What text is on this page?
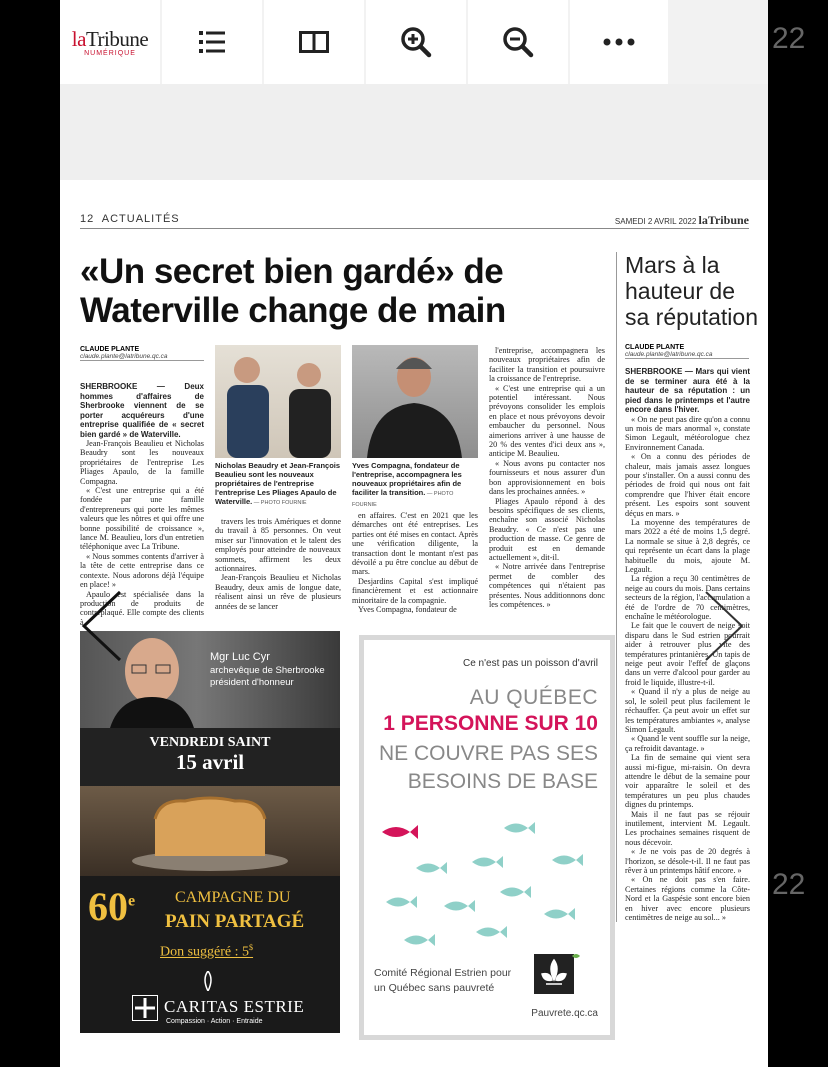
22
22
laTribune
NUMÉRIQUE
12 ACTUALITÉS	SAMEDI 2 AVRIL 2022 laTribune
«Un secret bien gardé» de
Waterville change de main
CLAUDE PLANTE
claude.plante@latribune.qc.ca

SHERBROOKE — Deux hommes d'affaires de Sherbrooke viennent de se porter acquéreurs d'une entreprise qualifiée de « secret bien gardé » de Waterville.

Jean-François Beaulieu et Nicholas Beaudry sont les nouveaux propriétaires de l'entreprise Les Pliages Apaulo, de la famille Compagna.

« C'est une entreprise qui a été fondée par une famille d'entrepreneurs qui porte les mêmes valeurs que les nôtres et qui offre une bonne possibilité de croissance », lance M. Beaulieu, lors d'un entretien téléphonique avec La Tribune.

« Nous sommes contents d'arriver à la tête de cette entreprise dans ce contexte. Nous adorons déjà l'équipe en place! »

Apaulo est spécialisée dans la production de produits de contreplaqué. Elle compte des clients à

Nicholas Beaudry et Jean-François Beaulieu sont les nouveaux propriétaires de l'entreprise l'entreprise Les Pliages Apaulo de Waterville. — PHOTO FOURNIE
Yves Compagna, fondateur de l'entreprise, accompagnera les nouveaux propriétaires afin de faciliter la transition. — PHOTO FOURNIE

travers les trois Amériques et donne du travail à 85 personnes. On veut miser sur l'innovation et le talent des employés pour atteindre de nouveaux sommets, affirment les deux actionnaires.

Jean-François Beaulieu et Nicholas Beaudry, deux amis de longue date, réalisent ainsi un rêve de plusieurs années de se lancer

en affaires. C'est en 2021 que les démarches ont été entreprises. Les parties ont été mises en contact. Après une vérification diligente, la transaction dont le montant n'est pas dévoilé a pu être conclue au début de mars.

Desjardins Capital s'est impliqué financièrement et est actionnaire minoritaire de la compagnie.

Yves Compagna, fondateur de

l'entreprise, accompagnera les nouveaux propriétaires afin de faciliter la transition et poursuivre la croissance de l'entreprise.

« C'est une entreprise qui a un potentiel intéressant. Nous prévoyons consolider les emplois en place et nous prévoyons devoir embaucher du personnel. Nous aimerions arriver à une hausse de 20 % des ventes d'ici deux ans », anticipe M. Beaulieu.

« Nous avons pu contacter nos fournisseurs et nous assurer d'un bon approvisionnement en bois dans les prochaines années. »

Pliages Apaulo répond à des besoins spécifiques de ses clients, enchaîne son associé Nicholas Beaudry. « Ce n'est pas une production de masse. Ce genre de produit est en demande actuellement », dit-il.

« Notre arrivée dans l'entreprise permet de combler des compétences qui n'étaient pas présentes. Nous additionnons donc les compétences. »

Mars à la hauteur de sa réputation
CLAUDE PLANTE
claude.plante@latribune.qc.ca

SHERBROOKE — Mars qui vient de se terminer aura été à la hauteur de sa réputation : un pied dans le printemps et l'autre encore dans l'hiver.

« On ne peut pas dire qu'on a connu un mois de mars anormal », constate Simon Legault, météorologue chez Environnement Canada.

« On a connu des périodes de chaleur, mais jamais assez longues pour s'installer. On a aussi connu des périodes de froid qui nous ont fait comprendre que l'hiver était encore présent. Les espoirs sont souvent déçus en mars. »

La moyenne des températures de mars 2022 a été de moins 1,5 degré. La normale se situe à 2,8 degrés, ce qui représente un écart dans la plage habituelle du mois, ajoute M. Legault.

La région a reçu 30 centimètres de neige au cours du mois. Dans certains secteurs de la région, l'accumulation a été de l'ordre de 70 centimètres, enchaîne le météorologue.

Le fait que le couvert de neige soit disparu dans le Sud estrien pourrait aider à retrouver plus vite des températures printanières. Un tapis de neige peut avoir l'effet de glaçons dans un verre d'alcool pour garder au froid le liquide, illustre-t-il.

« Quand il n'y a plus de neige au sol, le soleil peut plus facilement le réchauffer. Ça peut avoir un effet sur les températures ambiantes », analyse Simon Legault.

« Quand le vent souffle sur la neige, ça refroidit davantage. »

La fin de semaine qui vient sera aussi mi-figue, mi-raisin. On devra attendre le début de la semaine pour voir apparaître le soleil et des températures un peu plus chaudes dignes du printemps.

Mais il ne faut pas se réjouir inutilement, intervient M. Legault. Les prochaines semaines risquent de nous décevoir.

« Je ne vois pas de 20 degrés à l'horizon, se désole-t-il. Il ne faut pas rêver à un printemps hâtif encore. »

« On ne doit pas s'en faire. Certaines régions comme la Côte-Nord et la Gaspésie sont encore bien en hiver avec encore plusieurs centimètres de neige au sol... »

Mgr Luc Cyr
archevêque de Sherbrooke
président d'honneur
VENDREDI SAINT
15 avril
60e CAMPAGNE DU
PAIN PARTAGÉ
Don suggéré : 5$
CARITAS ESTRIE
Compassion · Action · Entraide
Ce n'est pas un poisson d'avril
AU QUÉBEC
1 PERSONNE SUR 10
NE COUVRE PAS SES
BESOINS DE BASE
Comité Régional Estrien pour
un Québec sans pauvreté
Pauvrete.qc.ca
